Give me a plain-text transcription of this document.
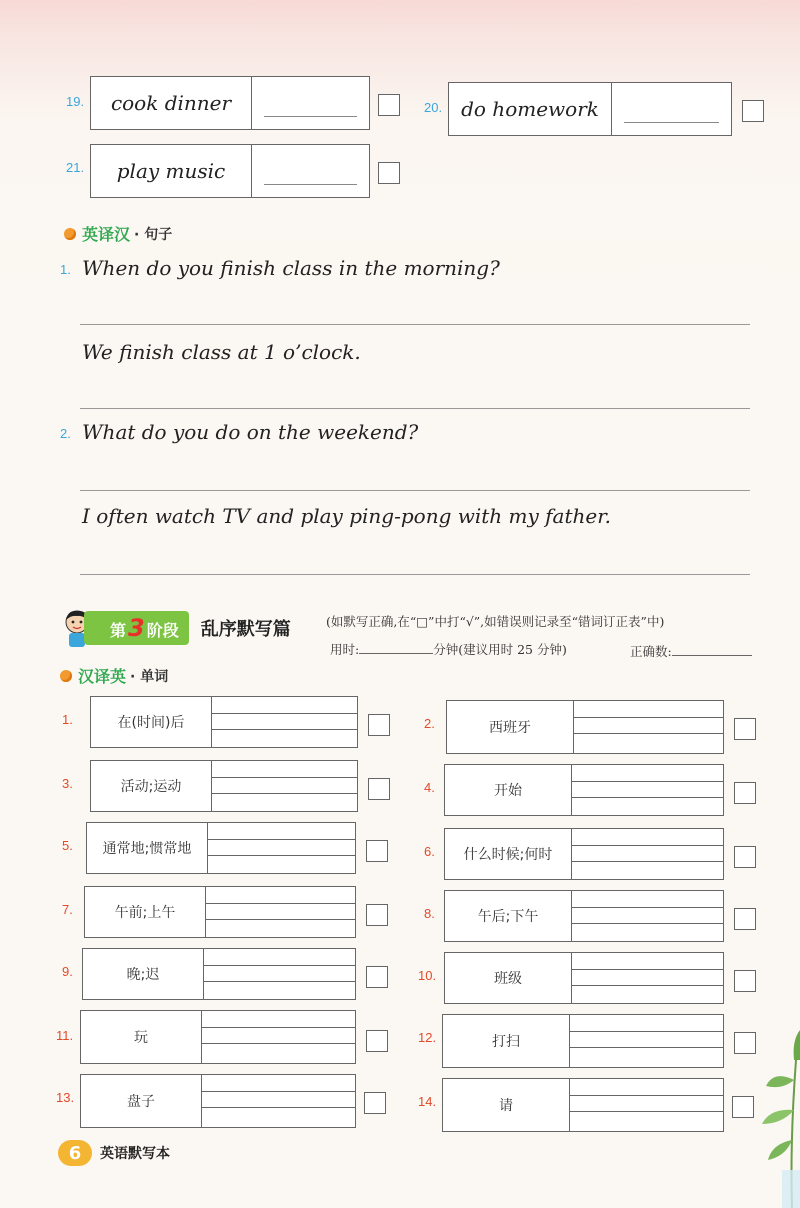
19.	cook dinner	20. do homework
21.	play music
英译汉 · 句子
1. When do you finish class in the morning?
We finish class at 1 o’clock.
2. What do you do on the weekend?
I often watch TV and play ping-pong with my father.
第 3 阶段 乱序默写篇	(如默写正确,在“□”中打“√”,如错误则记录至“错词订正表”中)
用时:	分钟(建议用时 25 分钟)	正确数:
汉译英 · 单词
1.	在(时间)后
3.	活动;运动
5.	通常地;惯常地
7.	午前;上午
9.	晚;迟
11.	玩
13.	盘子
2.	西班牙
4.	开始
6.	什么时候;何时
8.	午后;下午
10.	班级
12.	打扫
14.	请
6	英语默写本
